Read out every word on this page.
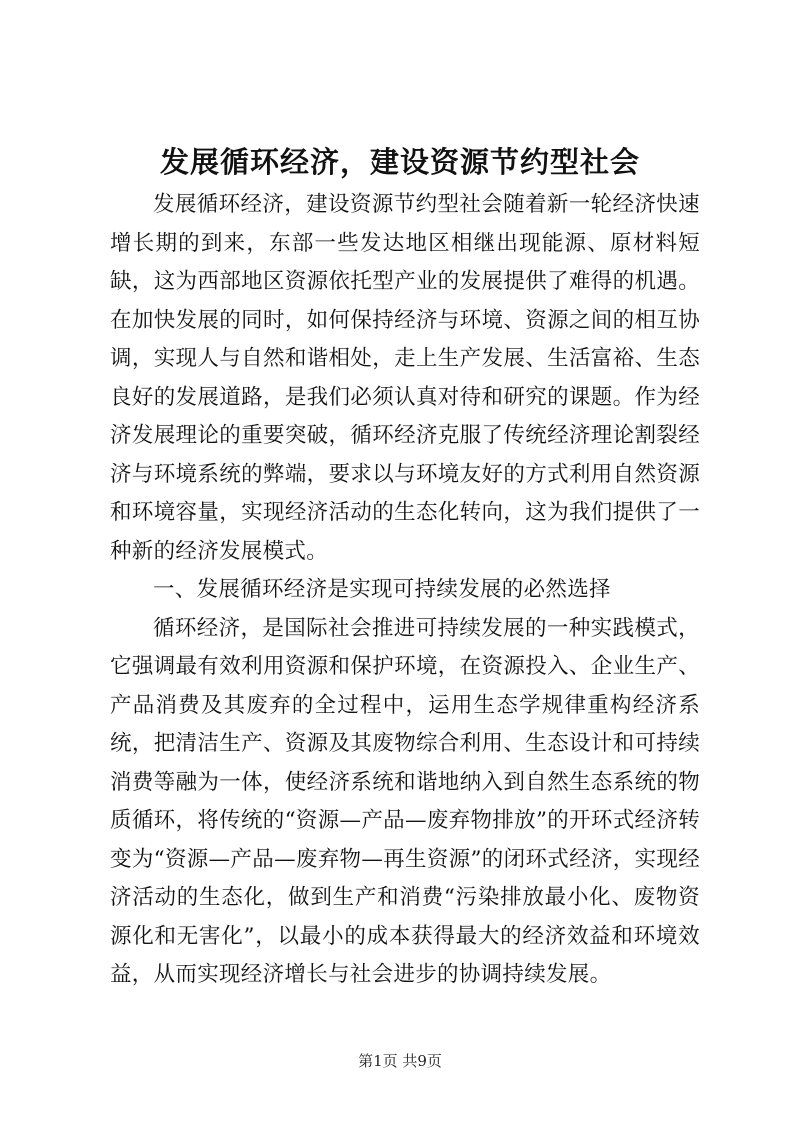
发展循环经济，建设资源节约型社会

发展循环经济，建设资源节约型社会随着新一轮经济快速增长期的到来，东部一些发达地区相继出现能源、原材料短缺，这为西部地区资源依托型产业的发展提供了难得的机遇。在加快发展的同时，如何保持经济与环境、资源之间的相互协调，实现人与自然和谐相处，走上生产发展、生活富裕、生态良好的发展道路，是我们必须认真对待和研究的课题。作为经济发展理论的重要突破，循环经济克服了传统经济理论割裂经济与环境系统的弊端，要求以与环境友好的方式利用自然资源和环境容量，实现经济活动的生态化转向，这为我们提供了一种新的经济发展模式。

一、发展循环经济是实现可持续发展的必然选择

循环经济，是国际社会推进可持续发展的一种实践模式，它强调最有效利用资源和保护环境，在资源投入、企业生产、产品消费及其废弃的全过程中，运用生态学规律重构经济系统，把清洁生产、资源及其废物综合利用、生态设计和可持续消费等融为一体，使经济系统和谐地纳入到自然生态系统的物质循环，将传统的“资源—产品—废弃物排放”的开环式经济转变为“资源—产品—废弃物—再生资源”的闭环式经济，实现经济活动的生态化，做到生产和消费“污染排放最小化、废物资源化和无害化”，以最小的成本获得最大的经济效益和环境效益，从而实现经济增长与社会进步的协调持续发展。

第1页 共9页
